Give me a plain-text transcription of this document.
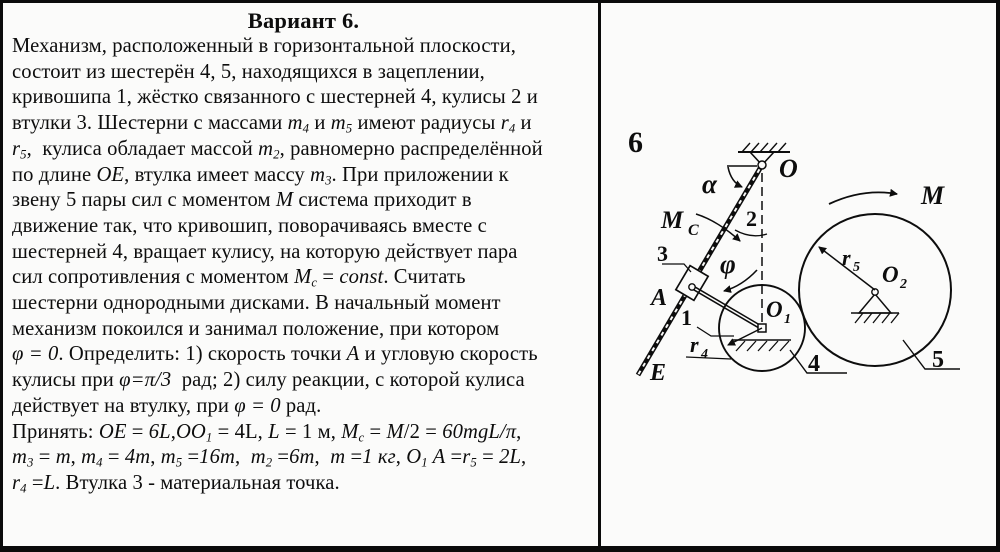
Вариант 6.
Механизм, расположенный в горизонтальной плоскости,
состоит из шестерён 4, 5, находящихся в зацеплении,
кривошипа 1, жёстко связанного с шестерней 4, кулисы 2 и
втулки 3. Шестерни с массами $m_4$ и $m_5$ имеют радиусы $r_4$ и
$r_5$,  кулиса обладает массой $m_2$, равномерно распределённой
по длине OE, втулка имеет массу $m_3$. При приложении к
звену 5 пары сил с моментом M система приходит в
движение так, что кривошип, поворачиваясь вместе с
шестерней 4, вращает кулису, на которую действует пара
сил сопротивления с моментом $M_c$ = const. Считать
шестерни однородными дисками. В начальный момент
механизм покоился и занимал положение, при котором
φ = 0. Определить: 1) скорость точки A и угловую скорость
кулисы при φ=π/3  рад; 2) силу реакции, с которой кулиса
действует на втулку, при φ = 0 рад.
Принять: OE = $6L,OO_1 = 4L$, L = 1 м, $M_c = M/2 = 60mgL/\pi$,
$m_3 = m$, $m_4 = 4m$, $m_5 =16m$,  $m_2 =6m$,  m =1 кг, $O_1$ $A =r_5 = 2L$,
$r_4 =L$. Втулка 3 - материальная точка.
6
O
α
M C 2
φ
3
A
1
r 4
E
O 1
4
O 2
r 5
5
M
